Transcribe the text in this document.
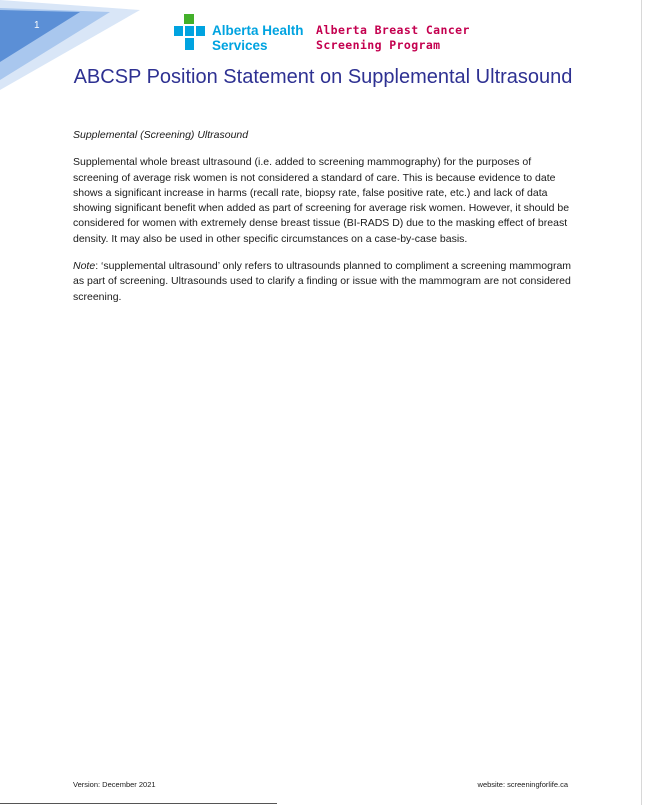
1	Alberta Health
Services
Alberta Breast Cancer
Screening Program
ABCSP Position Statement on Supplemental Ultrasound

Supplemental (Screening) Ultrasound

Supplemental whole breast ultrasound (i.e. added to screening mammography) for the purposes of screening of average risk women is not considered a standard of care. This is because evidence to date shows a significant increase in harms (recall rate, biopsy rate, false positive rate, etc.) and lack of data showing significant benefit when added as part of screening for average risk women. However, it should be considered for women with extremely dense breast tissue (BI-RADS D) due to the masking effect of breast density. It may also be used in other specific circumstances on a case-by-case basis.

Note: ‘supplemental ultrasound’ only refers to ultrasounds planned to compliment a screening mammogram as part of screening. Ultrasounds used to clarify a finding or issue with the mammogram are not considered screening.

Version: December 2021	website: screeningforlife.ca
